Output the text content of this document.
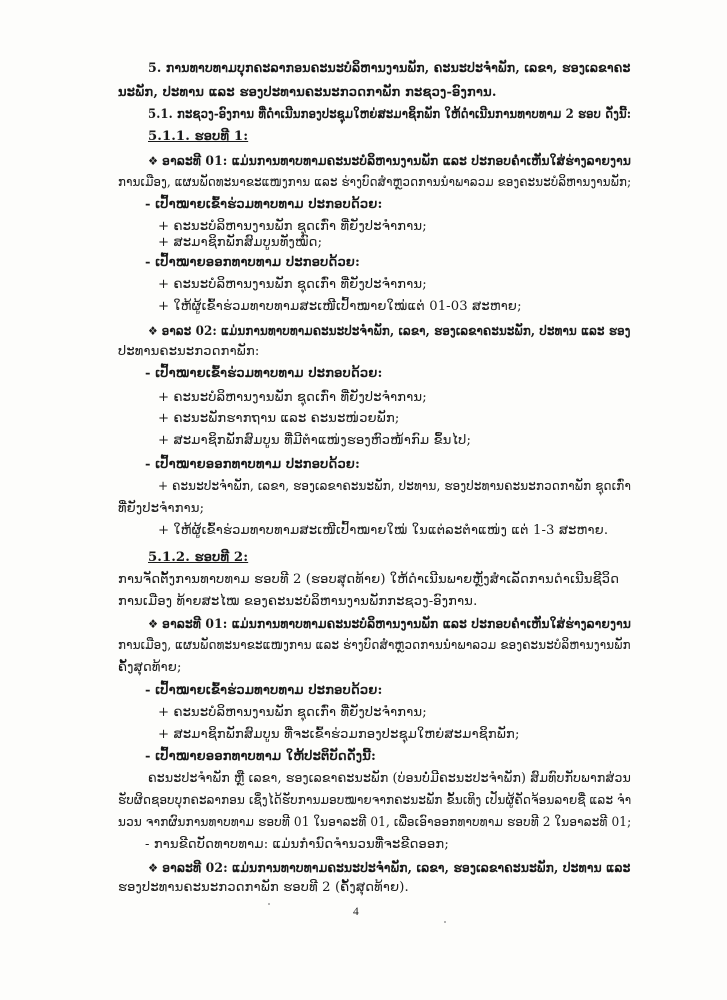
5. ການທາບທາມບຸກຄະລາກອນຄະນະບໍລິຫານງານພັກ, ຄະນະປະຈໍາພັກ, ເລຂາ, ຮອງເລຂາຄະ
ນະພັກ, ປະທານ ແລະ ຮອງປະທານຄະນະກວດກາພັກ ກະຊວງ-ອົງການ.
5.1. ກະຊວງ-ອົງການ ທີ່ດໍາເນີນກອງປະຊຸມໃຫຍ່ສະມາຊິກພັກ ໃຫ້ດໍາເນີນການທາບທາມ 2 ຮອບ ດັ່ງນີ້:
5.1.1. ຮອບທີ 1:
❖ ອາລະທີ 01: ແມ່ນການທາບທາມຄະນະບໍລິຫານງານພັກ ແລະ ປະກອບຄໍາເຫັນໃສ່ຮ່າງລາຍງານ
ການເມືອງ, ແຜນພັດທະນາຂະແໜງການ ແລະ ຮ່າງບົດສໍາຫຼວດການນໍາພາລວມ ຂອງຄະນະບໍລິຫານງານພັກ;
- ເປົ້າໝາຍເຂົ້າຮ່ວມທາບທາມ ປະກອບດ້ວຍ:
+ ຄະນະບໍລິຫານງານພັກ ຊຸດເກົ່າ ທີ່ຍັງປະຈໍາການ;
+ ສະມາຊິກພັກສົມບູນທັງໝົດ;
- ເປົ້າໝາຍອອກທາບທາມ ປະກອບດ້ວຍ:
+ ຄະນະບໍລິຫານງານພັກ ຊຸດເກົ່າ ທີ່ຍັງປະຈໍາການ;
+ ໃຫ້ຜູ້ເຂົ້າຮ່ວມທາບທາມສະເໜີເປົ້າໝາຍໃໝ່ແຕ່ 01-03 ສະຫາຍ;
❖ ອາລະ 02: ແມ່ນການທາບທາມຄະນະປະຈໍາພັກ, ເລຂາ, ຮອງເລຂາຄະນະພັກ, ປະທານ ແລະ ຮອງ
ປະທານຄະນະກວດກາພັກ:
- ເປົ້າໝາຍເຂົ້າຮ່ວມທາບທາມ ປະກອບດ້ວຍ:
+ ຄະນະບໍລິຫານງານພັກ ຊຸດເກົ່າ ທີ່ຍັງປະຈໍາການ;
+ ຄະນະພັກຮາກຖານ ແລະ ຄະນະໜ່ວຍພັກ;
+ ສະມາຊິກພັກສົມບູນ ທີ່ມີຕໍາແໜ່ງຮອງຫົວໜ້າກົມ ຂຶ້ນໄປ;
- ເປົ້າໝາຍອອກທາບທາມ ປະກອບດ້ວຍ:
+ ຄະນະປະຈໍາພັກ, ເລຂາ, ຮອງເລຂາຄະນະພັກ, ປະທານ, ຮອງປະທານຄະນະກວດກາພັກ ຊຸດເກົ່າ
ທີ່ຍັງປະຈໍາການ;
+ ໃຫ້ຜູ້ເຂົ້າຮ່ວມທາບທາມສະເໜີເປົ້າໝາຍໃໝ່ ໃນແຕ່ລະຕໍາແໜ່ງ ແຕ່ 1-3 ສະຫາຍ.
5.1.2. ຮອບທີ 2:
ການຈັດຕັ້ງການທາບທາມ ຮອບທີ 2 (ຮອບສຸດທ້າຍ) ໃຫ້ດໍາເນີນພາຍຫຼັງສໍາເລັດການດໍາເນີນຊີວິດ
ການເມືອງ ທ້າຍສະໄໝ ຂອງຄະນະບໍລິຫານງານພັກກະຊວງ-ອົງການ.
❖ ອາລະທີ 01: ແມ່ນການທາບທາມຄະນະບໍລິຫານງານພັກ ແລະ ປະກອບຄໍາເຫັນໃສ່ຮ່າງລາຍງານ
ການເມືອງ, ແຜນພັດທະນາຂະແໜງການ ແລະ ຮ່າງບົດສໍາຫຼວດການນໍາພາລວມ ຂອງຄະນະບໍລິຫານງານພັກ
ຄັ້ງສຸດທ້າຍ;
- ເປົ້າໝາຍເຂົ້າຮ່ວມທາບທາມ ປະກອບດ້ວຍ:
+ ຄະນະບໍລິຫານງານພັກ ຊຸດເກົ່າ ທີ່ຍັງປະຈໍາການ;
+ ສະມາຊິກພັກສົມບູນ ທີ່ຈະເຂົ້າຮ່ວມກອງປະຊຸມໃຫຍ່ສະມາຊິກພັກ;
- ເປົ້າໝາຍອອກທາບທາມ ໃຫ້ປະຕິບັດດັ່ງນີ້:
ຄະນະປະຈໍາພັກ ຫຼື ເລຂາ, ຮອງເລຂາຄະນະພັກ (ບ່ອນບໍ່ມີຄະນະປະຈໍາພັກ) ສົມທົບກັບພາກສ່ວນ
ຮັບຜິດຊອບບຸກຄະລາກອນ ເຊິ່ງໄດ້ຮັບການມອບໝາຍຈາກຄະນະພັກ ຂັ້ນເທິງ ເປັນຜູ້ຄັດຈ້ອນລາຍຊື່ ແລະ ຈໍາ
ນວນ ຈາກຜົນການທາບທາມ ຮອບທີ 01 ໃນອາລະທີ 01, ເພື່ອເອົາອອກທາບທາມ ຮອບທີ 2 ໃນອາລະທີ 01;
- ການຂີດບັດທາບທາມ: ແມ່ນກໍານົດຈໍານວນທີ່ຈະຂີດອອກ;
❖ ອາລະທີ 02: ແມ່ນການທາບທາມຄະນະປະຈໍາພັກ, ເລຂາ, ຮອງເລຂາຄະນະພັກ, ປະທານ ແລະ
ຮອງປະທານຄະນະກວດກາພັກ ຮອບທີ 2 (ຄັ້ງສຸດທ້າຍ).
4
